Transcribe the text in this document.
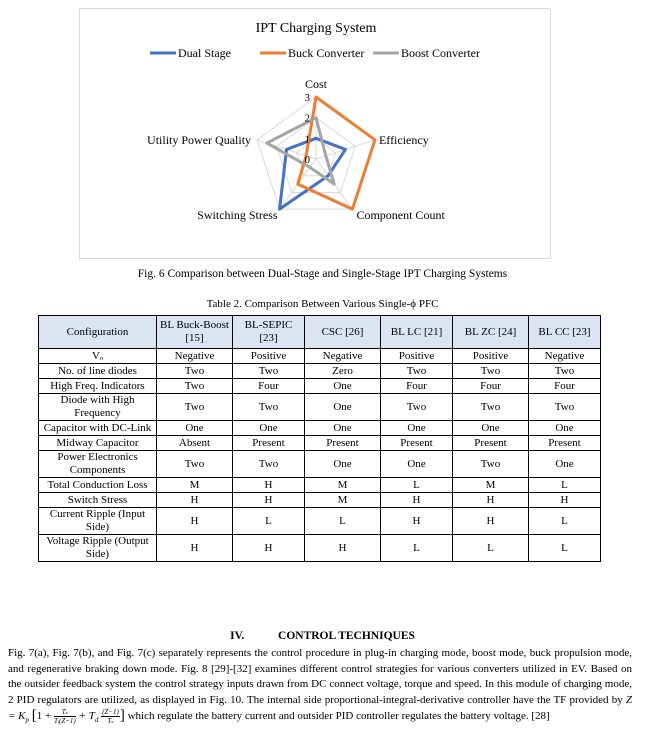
IPT Charging System
Dual Stage	Buck Converter	Boost Converter
0
1
2
3
Cost
Efficiency
Component Count
Switching Stress
Utility Power Quality
Fig. 6 Comparison between Dual-Stage and Single-Stage IPT Charging Systems
Table 2. Comparison Between Various Single-ϕ PFC
Configuration	BL Buck-Boost [15]	BL-SEPIC [23]	CSC [26]	BL LC [21]	BL ZC [24]	BL CC [23]
Vₒ	Negative	Positive	Negative	Positive	Positive	Negative
No. of line diodes	Two	Two	Zero	Two	Two	Two
High Freq. Indicators	Two	Four	One	Four	Four	Four
Diode with High Frequency	Two	Two	One	Two	Two	Two
Capacitor with DC-Link	One	One	One	One	One	One
Midway Capacitor	Absent	Present	Present	Present	Present	Present
Power Electronics Components	Two	Two	One	One	Two	One
Total Conduction Loss	M	H	M	L	M	L
Switch Stress	H	H	M	H	H	H
Current Ripple (Input Side)	H	L	L	H	H	L
Voltage Ripple (Output Side)	H	H	H	L	L	L
IV.	CONTROL TECHNIQUES

Fig. 7(a), Fig. 7(b), and Fig. 7(c) separately represents the control procedure in plug-in charging mode, boost mode, buck propulsion mode, and regenerative braking down mode. Fig. 8 [29]-[32] examines different control strategies for various converters utilized in EV. Based on the outsider feedback system the control strategy inputs drawn from DC connect voltage, torque and speed. In this module of charging mode, 2 PID regulators are utilized, as displayed in Fig. 10. The internal side proportional-integral-derivative controller have the TF provided by $Z = K_p$ [$1 + \frac{\text{Tₛ}}{\text{Tᵢ(Z−1)}} + T_d \frac{(Z-1)}{\text{Tₛ}}$ ] which regulate the battery current and outsider PID controller regulates the battery voltage. [28]
